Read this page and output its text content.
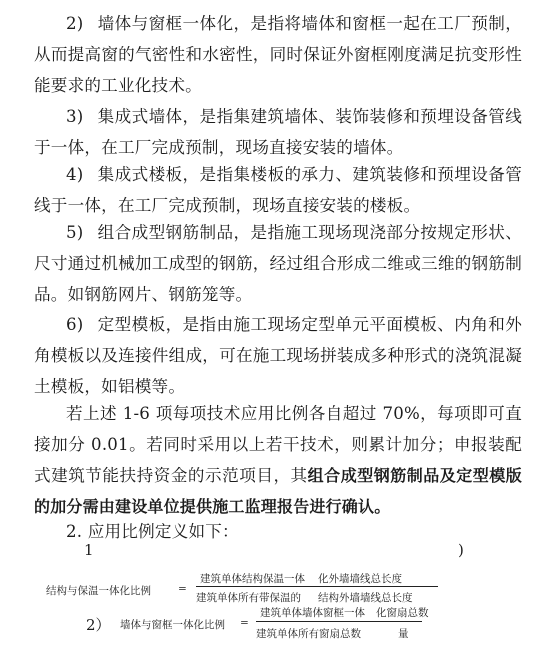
2) 墙体与窗框一体化，是指将墙体和窗框一起在工厂预制，从而提高窗的气密性和水密性，同时保证外窗框刚度满足抗变形性能要求的工业化技术。
3) 集成式墙体，是指集建筑墙体、装饰装修和预埋设备管线于一体，在工厂完成预制，现场直接安装的墙体。
4) 集成式楼板，是指集楼板的承力、建筑装修和预埋设备管线于一体，在工厂完成预制，现场直接安装的楼板。
5) 组合成型钢筋制品，是指施工现场现浇部分按规定形状、尺寸通过机械加工成型的钢筋，经过组合形成二维或三维的钢筋制品。如钢筋网片、钢筋笼等。
6) 定型模板，是指由施工现场定型单元平面模板、内角和外角模板以及连接件组成，可在施工现场拼装成多种形式的浇筑混凝土模板，如铝模等。
若上述 1-6 项每项技术应用比例各自超过 70%，每项即可直接加分 0.01。若同时采用以上若干技术，则累计加分；申报装配式建筑节能扶持资金的示范项目，其组合成型钢筋制品及定型模版的加分需由建设单位提供施工监理报告进行确认。
2. 应用比例定义如下：
1	)
结构与保温一体化比例	=
建筑单体结构保温一体 化外墙墙线总长度
建筑单体所有带保温的 结构外墙墙线总长度
2） 墙体与窗框一体化比例 =
建筑单体墙体窗框一体 化窗扇总数
建筑单体所有窗扇总数	量
